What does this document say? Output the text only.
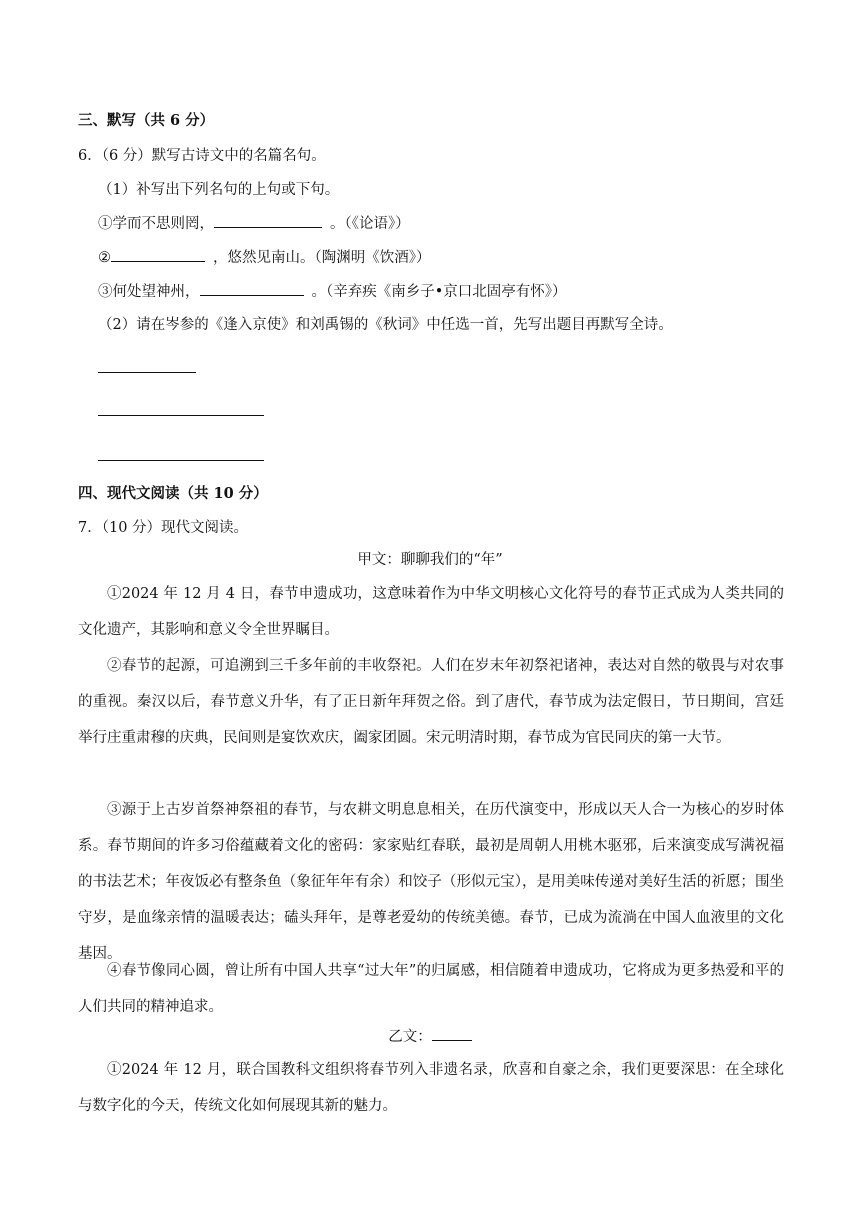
三、默写（共 6 分）
6．（6 分）默写古诗文中的名篇名句。
（1）补写出下列名句的上句或下句。
①学而不思则罔，	。（《论语》）
②	，悠然见南山。（陶渊明《饮酒》）
③何处望神州，	。（辛弃疾《南乡子•京口北固亭有怀》）
（2）请在岑参的《逢入京使》和刘禹锡的《秋词》中任选一首，先写出题目再默写全诗。
四、现代文阅读（共 10 分）
7．（10 分）现代文阅读。
甲文：聊聊我们的“年”
①2024 年 12 月 4 日，春节申遗成功，这意味着作为中华文明核心文化符号的春节正式成为人类共同的文化遗产，其影响和意义令全世界瞩目。
②春节的起源，可追溯到三千多年前的丰收祭祀。人们在岁末年初祭祀诸神，表达对自然的敬畏与对农事的重视。秦汉以后，春节意义升华，有了正日新年拜贺之俗。到了唐代，春节成为法定假日，节日期间，宫廷举行庄重肃穆的庆典，民间则是宴饮欢庆，阖家团圆。宋元明清时期，春节成为官民同庆的第一大节。
③源于上古岁首祭神祭祖的春节，与农耕文明息息相关，在历代演变中，形成以天人合一为核心的岁时体系。春节期间的许多习俗蕴藏着文化的密码：家家贴红春联，最初是周朝人用桃木驱邪，后来演变成写满祝福的书法艺术；年夜饭必有整条鱼（象征年年有余）和饺子（形似元宝），是用美味传递对美好生活的祈愿；围坐守岁，是血缘亲情的温暖表达；磕头拜年，是尊老爱幼的传统美德。春节，已成为流淌在中国人血液里的文化基因。
④春节像同心圆，曾让所有中国人共享“过大年”的归属感，相信随着申遗成功，它将成为更多热爱和平的人们共同的精神追求。
乙文：
①2024 年 12 月，联合国教科文组织将春节列入非遗名录，欣喜和自豪之余，我们更要深思：在全球化与数字化的今天，传统文化如何展现其新的魅力。
